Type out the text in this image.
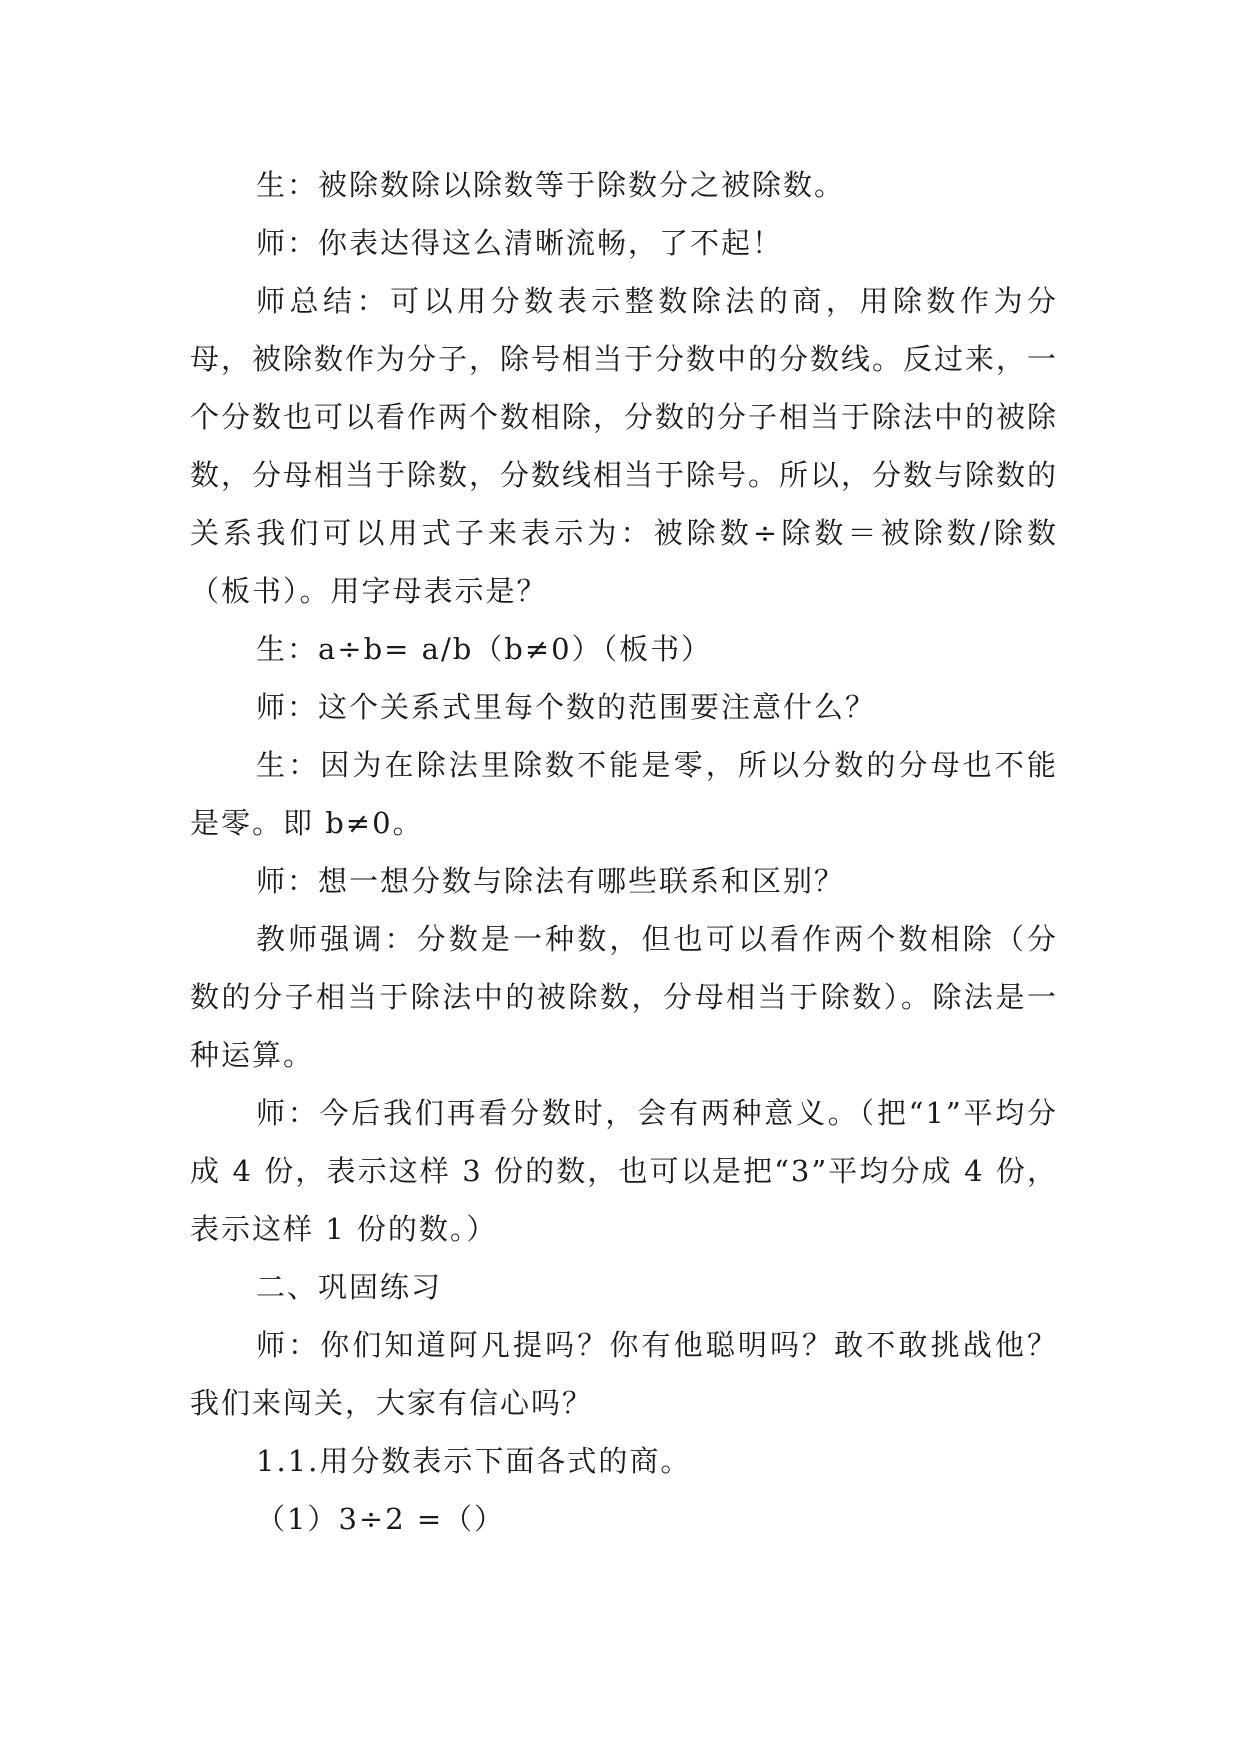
生：被除数除以除数等于除数分之被除数。

师：你表达得这么清晰流畅，了不起！

师总结：可以用分数表示整数除法的商，用除数作为分母，被除数作为分子，除号相当于分数中的分数线。反过来，一个分数也可以看作两个数相除，分数的分子相当于除法中的被除数，分母相当于除数，分数线相当于除号。所以，分数与除数的关系我们可以用式子来表示为：被除数÷除数＝被除数/除数（板书）。用字母表示是？

生：a÷b= a/b（b≠0）（板书）

师：这个关系式里每个数的范围要注意什么？

生：因为在除法里除数不能是零，所以分数的分母也不能是零。即 b≠0。

师：想一想分数与除法有哪些联系和区别？

教师强调：分数是一种数，但也可以看作两个数相除（分数的分子相当于除法中的被除数，分母相当于除数）。除法是一种运算。

师：今后我们再看分数时，会有两种意义。（把“1”平均分成 4 份，表示这样 3 份的数，也可以是把“3”平均分成 4 份，表示这样 1 份的数。）

二、巩固练习

师：你们知道阿凡提吗？你有他聪明吗？敢不敢挑战他？我们来闯关，大家有信心吗？

1.1.用分数表示下面各式的商。

（1）3÷2 =（）
